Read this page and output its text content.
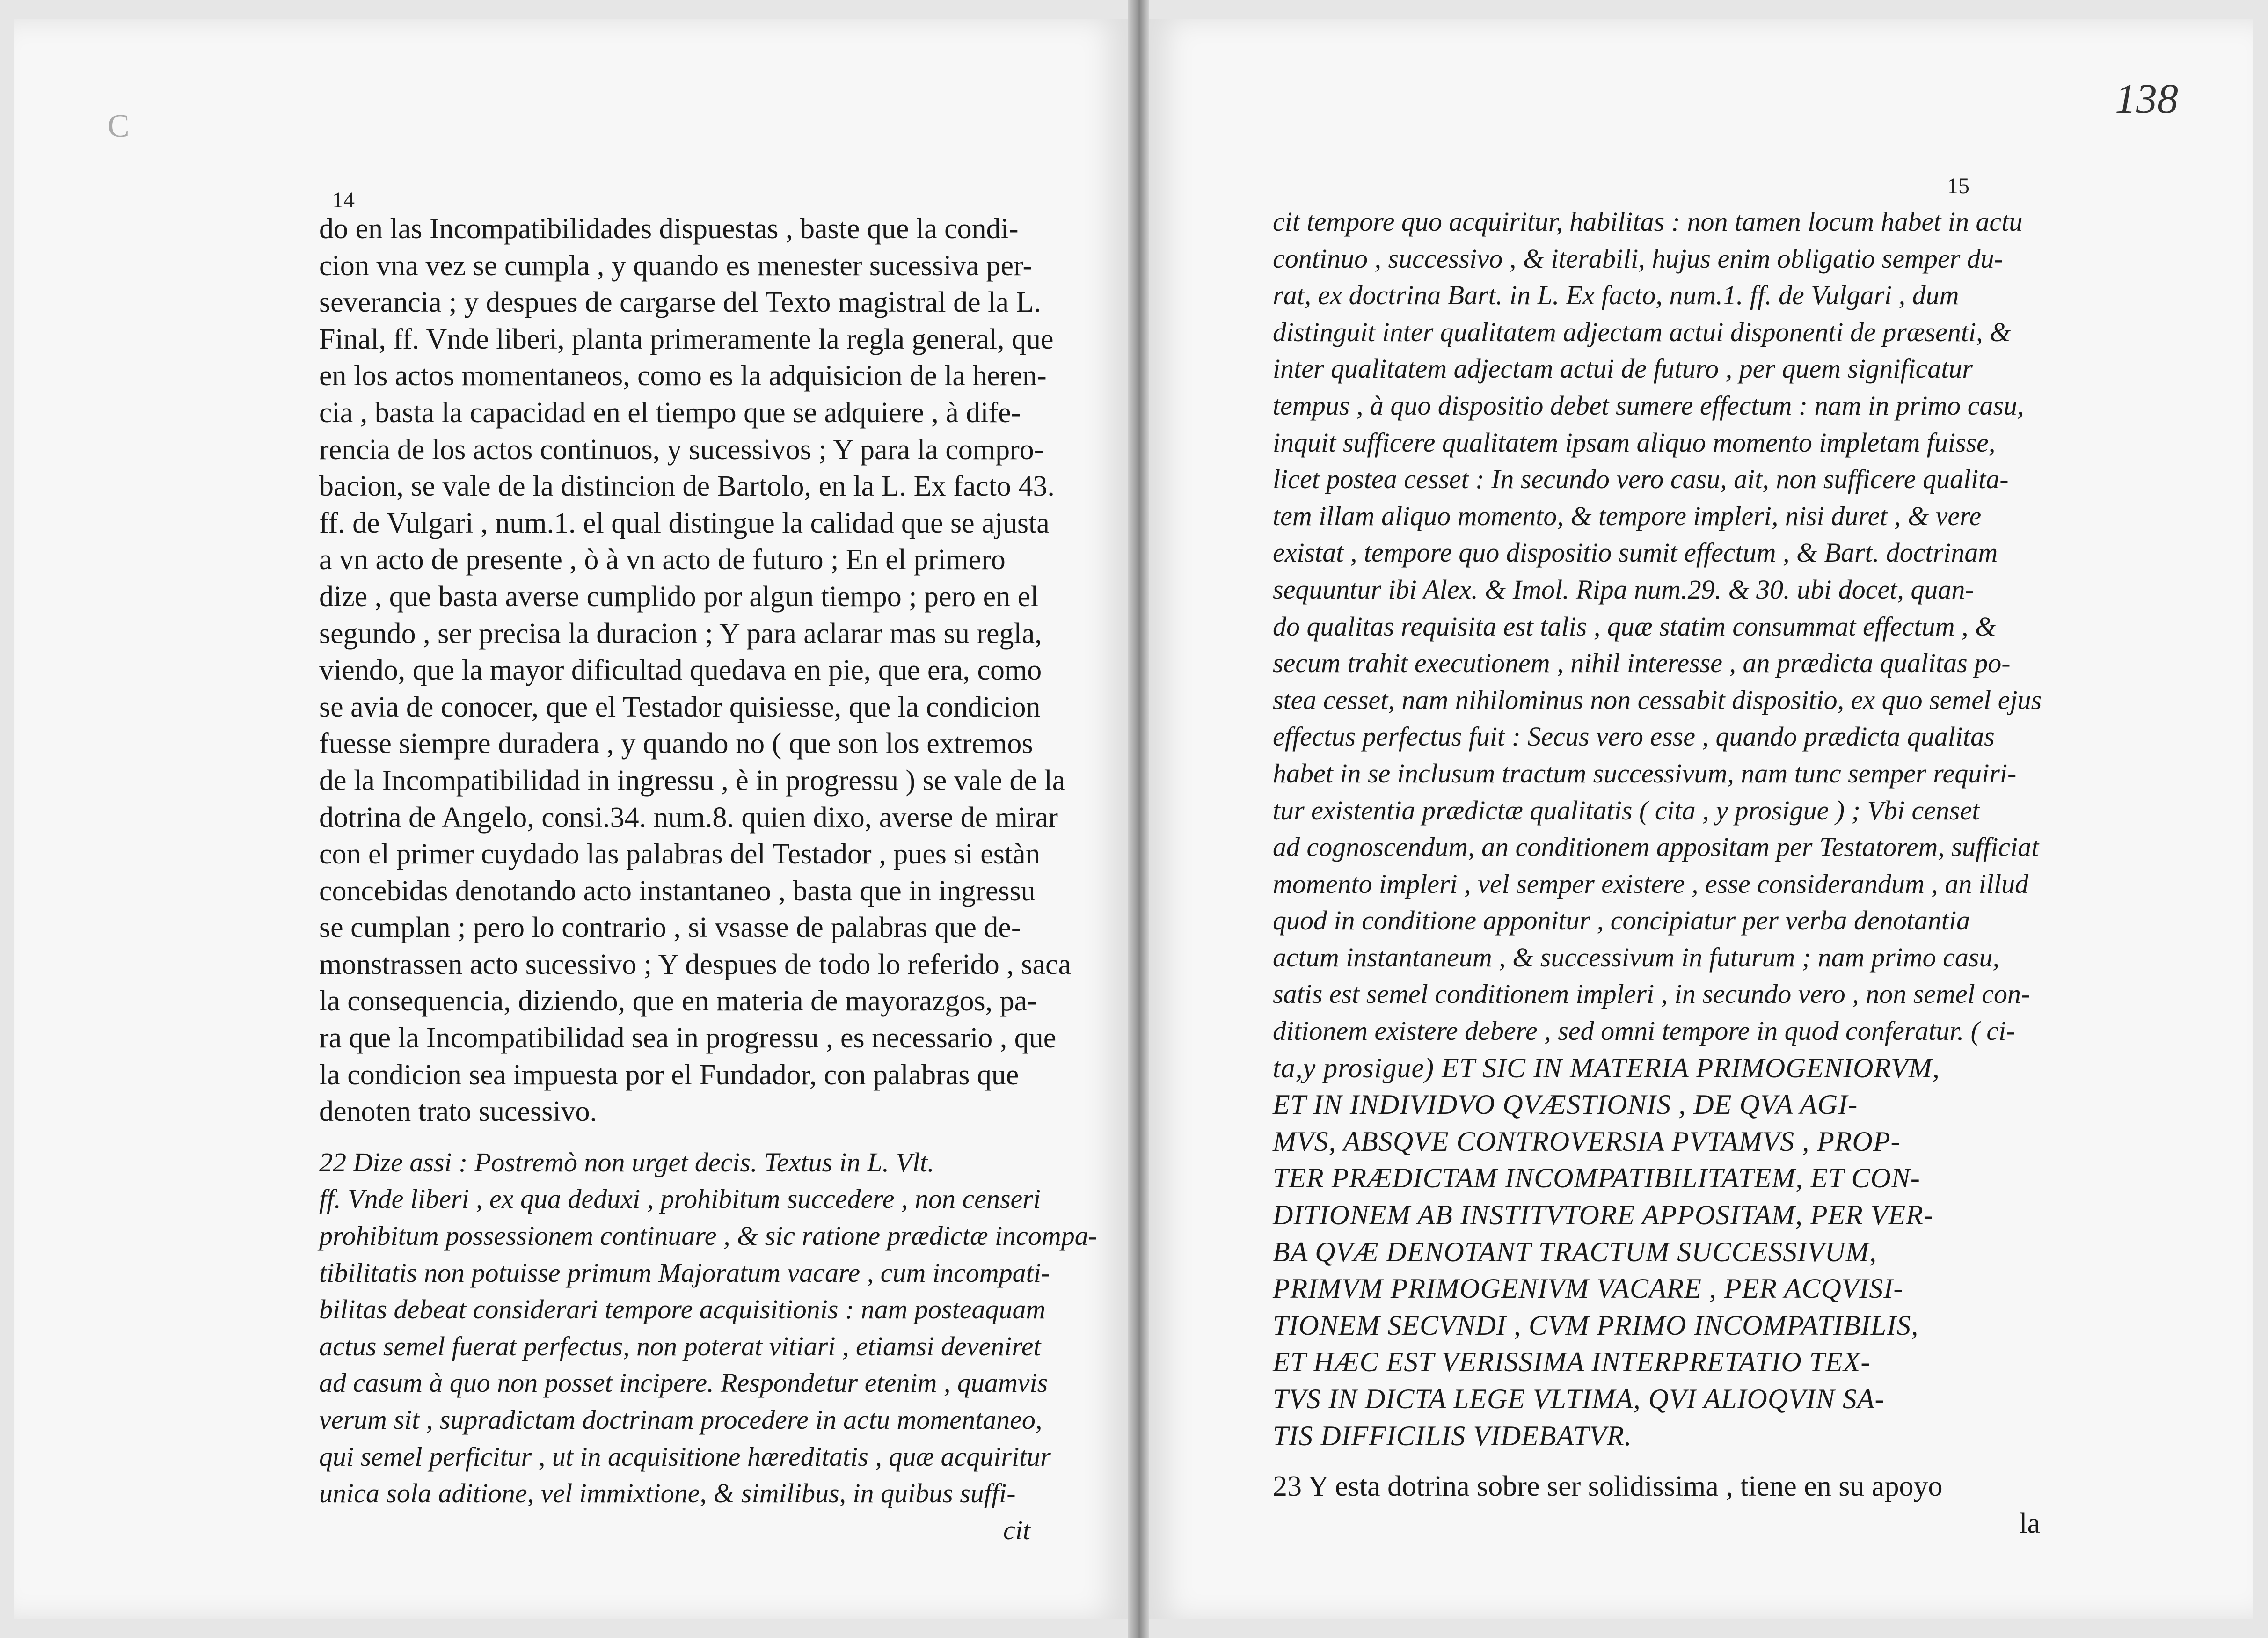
C
14
do en las Incompatibilidades dispuestas , baste que la condi-
cion vna vez se cumpla , y quando es menester sucessiva per-
severancia ; y despues de cargarse del Texto magistral de la L.
Final, ff. Vnde liberi, planta primeramente la regla general, que
en los actos momentaneos, como es la adquisicion de la heren-
cia , basta la capacidad en el tiempo que se adquiere , à dife-
rencia de los actos continuos, y sucessivos ; Y para la compro-
bacion, se vale de la distincion de Bartolo, en la L. Ex facto 43.
ff. de Vulgari , num.1. el qual distingue la calidad que se ajusta
a vn acto de presente , ò à vn acto de futuro ; En el primero
dize , que basta averse cumplido por algun tiempo ; pero en el
segundo , ser precisa la duracion ; Y para aclarar mas su regla,
viendo, que la mayor dificultad quedava en pie, que era, como
se avia de conocer, que el Testador quisiesse, que la condicion
fuesse siempre duradera , y quando no ( que son los extremos
de la Incompatibilidad in ingressu , è in progressu ) se vale de la
dotrina de Angelo, consi.34. num.8. quien dixo, averse de mirar
con el primer cuydado las palabras del Testador , pues si estàn
concebidas denotando acto instantaneo , basta que in ingressu
se cumplan ; pero lo contrario , si vsasse de palabras que de-
monstrassen acto sucessivo ; Y despues de todo lo referido , saca
la consequencia, diziendo, que en materia de mayorazgos, pa-
ra que la Incompatibilidad sea in progressu , es necessario , que
la condicion sea impuesta por el Fundador, con palabras que
denoten trato sucessivo.
22 Dize assi : Postremò non urget decis. Textus in L. Vlt.
ff. Vnde liberi , ex qua deduxi , prohibitum succedere , non censeri
prohibitum possessionem continuare , & sic ratione prædictæ incompa-
tibilitatis non potuisse primum Majoratum vacare , cum incompati-
bilitas debeat considerari tempore acquisitionis : nam posteaquam
actus semel fuerat perfectus, non poterat vitiari , etiamsi deveniret
ad casum à quo non posset incipere. Respondetur etenim , quamvis
verum sit , supradictam doctrinam procedere in actu momentaneo,
qui semel perficitur , ut in acquisitione hæreditatis , quæ acquiritur
unica sola aditione, vel immixtione, & similibus, in quibus suffi-
cit
15
cit tempore quo acquiritur, habilitas : non tamen locum habet in actu
continuo , successivo , & iterabili, hujus enim obligatio semper du-
rat, ex doctrina Bart. in L. Ex facto, num.1. ff. de Vulgari , dum
distinguit inter qualitatem adjectam actui disponenti de præsenti, &
inter qualitatem adjectam actui de futuro , per quem significatur
tempus , à quo dispositio debet sumere effectum : nam in primo casu,
inquit sufficere qualitatem ipsam aliquo momento impletam fuisse,
licet postea cesset : In secundo vero casu, ait, non sufficere qualita-
tem illam aliquo momento, & tempore impleri, nisi duret , & vere
existat , tempore quo dispositio sumit effectum , & Bart. doctrinam
sequuntur ibi Alex. & Imol. Ripa num.29. & 30. ubi docet, quan-
do qualitas requisita est talis , quæ statim consummat effectum , &
secum trahit executionem , nihil interesse , an prædicta qualitas po-
stea cesset, nam nihilominus non cessabit dispositio, ex quo semel ejus
effectus perfectus fuit : Secus vero esse , quando prædicta qualitas
habet in se inclusum tractum successivum, nam tunc semper requiri-
tur existentia prædictæ qualitatis ( cita , y prosigue ) ; Vbi censet
ad cognoscendum, an conditionem appositam per Testatorem, sufficiat
momento impleri , vel semper existere , esse considerandum , an illud
quod in conditione apponitur , concipiatur per verba denotantia
actum instantaneum , & successivum in futurum ; nam primo casu,
satis est semel conditionem impleri , in secundo vero , non semel con-
ditionem existere debere , sed omni tempore in quod conferatur. ( ci-
ta,y prosigue) ET SIC IN MATERIA PRIMOGENIORVM,
ET IN INDIVIDVO QVÆSTIONIS , DE QVA AGI-
MVS, ABSQVE CONTROVERSIA PVTAMVS , PROP-
TER PRÆDICTAM INCOMPATIBILITATEM, ET CON-
DITIONEM AB INSTITVTORE APPOSITAM, PER VER-
BA QVÆ DENOTANT TRACTUM SUCCESSIVUM,
PRIMVM PRIMOGENIVM VACARE , PER ACQVISI-
TIONEM SECVNDI , CVM PRIMO INCOMPATIBILIS,
ET HÆC EST VERISSIMA INTERPRETATIO TEX-
TVS IN DICTA LEGE VLTIMA, QVI ALIOQVIN SA-
TIS DIFFICILIS VIDEBATVR.
23 Y esta dotrina sobre ser solidissima , tiene en su apoyo
la
138
